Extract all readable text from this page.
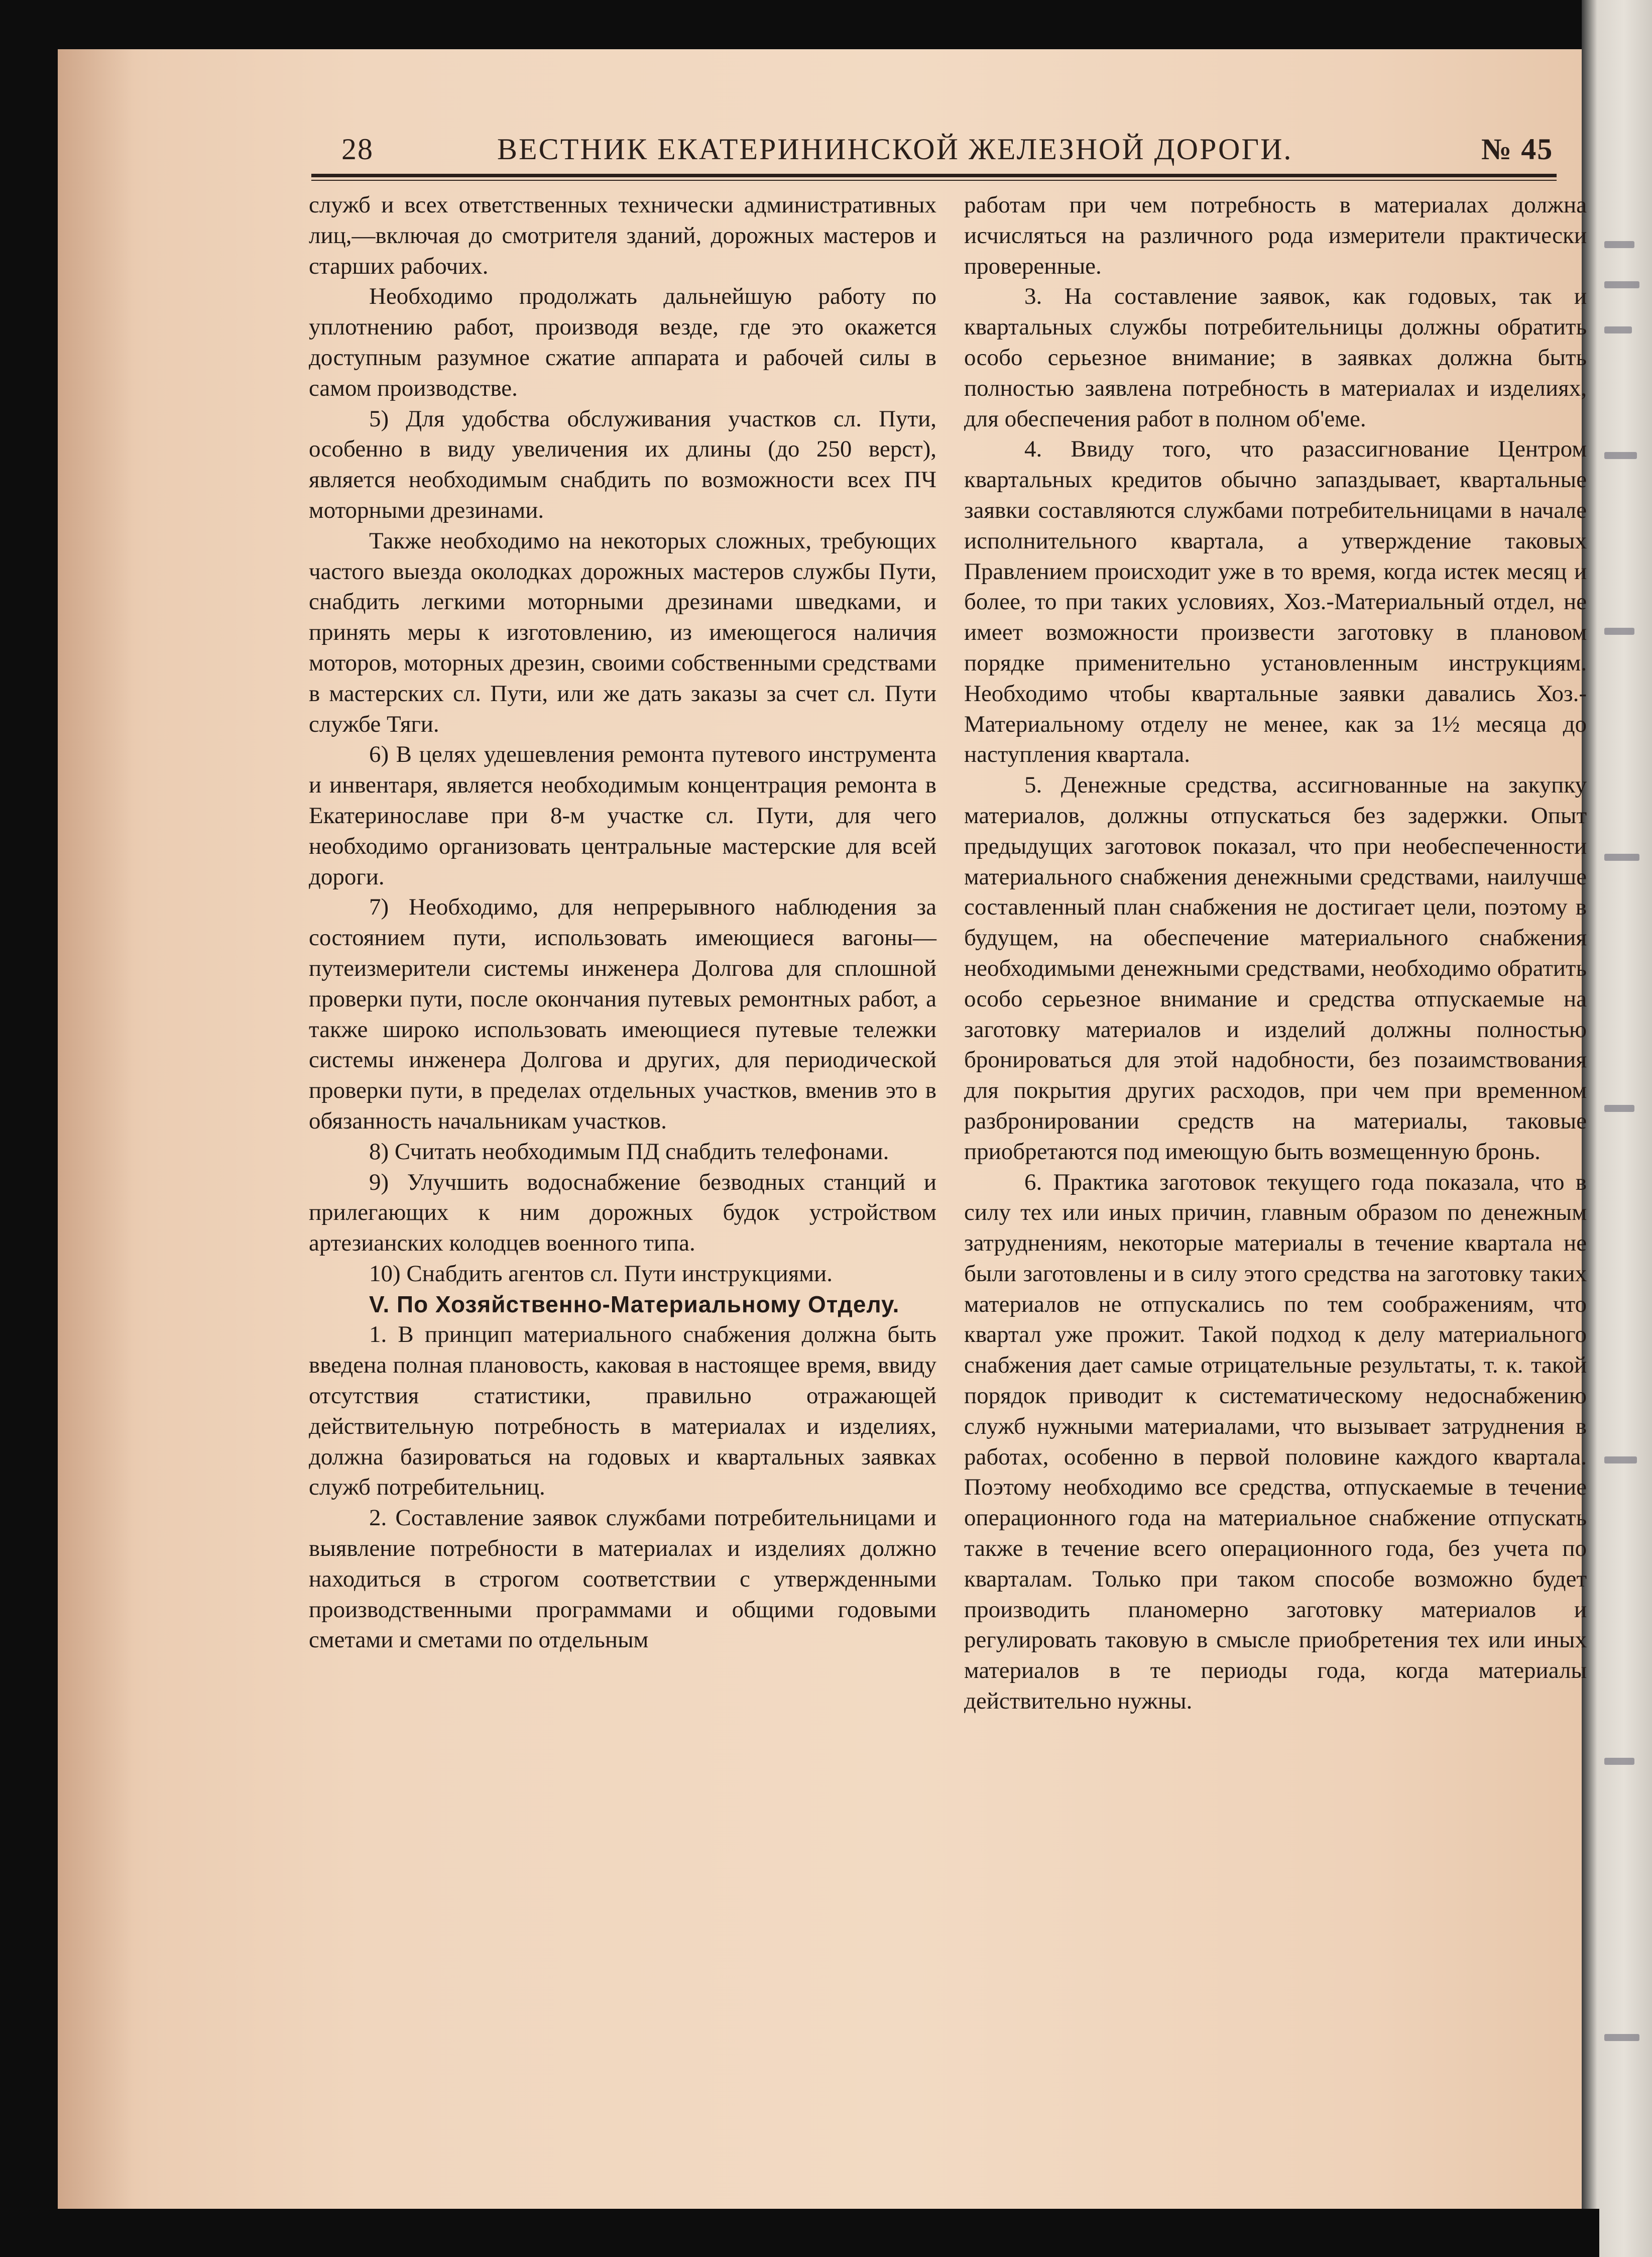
28	ВЕСТНИК ЕКАТЕРИНИНСКОЙ ЖЕЛЕЗНОЙ ДОРОГИ.	№ 45

служб и всех ответственных технически административных лиц,—включая до смотрителя зданий, дорожных мастеров и старших рабочих.

Необходимо продолжать дальнейшую работу по уплотнению работ, производя везде, где это окажется доступным разумное сжатие аппарата и рабочей силы в самом производстве.

5) Для удобства обслуживания участков сл. Пути, особенно в виду увеличения их длины (до 250 верст), является необходимым снабдить по возможности всех ПЧ моторными дрезинами.

Также необходимо на некоторых сложных, требующих частого выезда околодках дорожных мастеров службы Пути, снабдить легкими моторными дрезинами шведками, и принять меры к изготовлению, из имеющегося наличия моторов, моторных дрезин, своими собственными средствами в мастерских сл. Пути, или же дать заказы за счет сл. Пути службе Тяги.

6) В целях удешевления ремонта путевого инструмента и инвентаря, является необходимым концентрация ремонта в Екатеринославе при 8-м участке сл. Пути, для чего необходимо организовать центральные мастерские для всей дороги.

7) Необходимо, для непрерывного наблюдения за состоянием пути, использовать имеющиеся вагоны—путеизмерители системы инженера Долгова для сплошной проверки пути, после окончания путевых ремонтных работ, а также широко использовать имеющиеся путевые тележки системы инженера Долгова и других, для периодической проверки пути, в пределах отдельных участков, вменив это в обязанность начальникам участков.

8) Считать необходимым ПД снабдить телефонами.

9) Улучшить водоснабжение безводных станций и прилегающих к ним дорожных будок устройством артезианских колодцев военного типа.

10) Снабдить агентов сл. Пути инструкциями.

V. По Хозяйственно-Материальному Отделу.

1. В принцип материального снабжения должна быть введена полная плановость, каковая в настоящее время, ввиду отсутствия статистики, правильно отражающей действительную потребность в материалах и изделиях, должна базироваться на годовых и квартальных заявках служб потребительниц.

2. Составление заявок службами потребительницами и выявление потребности в материалах и изделиях должно находиться в строгом соответствии с утвержденными производственными программами и общими годовыми сметами и сметами по отдельным

работам при чем потребность в материалах должна исчисляться на различного рода измерители практически проверенные.

3. На составление заявок, как годовых, так и квартальных службы потребительницы должны обратить особо серьезное внимание; в заявках должна быть полностью заявлена потребность в материалах и изделиях, для обеспечения работ в полном об'еме.

4. Ввиду того, что разассигнование Центром квартальных кредитов обычно запаздывает, квартальные заявки составляются службами потребительницами в начале исполнительного квартала, а утверждение таковых Правлением происходит уже в то время, когда истек месяц и более, то при таких условиях, Хоз.-Материальный отдел, не имеет возможности произвести заготовку в плановом порядке применительно установленным инструкциям. Необходимо чтобы квартальные заявки давались Хоз.-Материальному отделу не менее, как за 1½ месяца до наступления квартала.

5. Денежные средства, ассигнованные на закупку материалов, должны отпускаться без задержки. Опыт предыдущих заготовок показал, что при необеспеченности материального снабжения денежными средствами, наилучше составленный план снабжения не достигает цели, поэтому в будущем, на обеспечение материального снабжения необходимыми денежными средствами, необходимо обратить особо серьезное внимание и средства отпускаемые на заготовку материалов и изделий должны полностью бронироваться для этой надобности, без позаимствования для покрытия других расходов, при чем при временном разбронировании средств на материалы, таковые приобретаются под имеющую быть возмещенную бронь.

6. Практика заготовок текущего года показала, что в силу тех или иных причин, главным образом по денежным затруднениям, некоторые материалы в течение квартала не были заготовлены и в силу этого средства на заготовку таких материалов не отпускались по тем соображениям, что квартал уже прожит. Такой подход к делу материального снабжения дает самые отрицательные результаты, т. к. такой порядок приводит к систематическому недоснабжению служб нужными материалами, что вызывает затруднения в работах, особенно в первой половине каждого квартала. Поэтому необходимо все средства, отпускаемые в течение операционного года на материальное снабжение отпускать также в течение всего операционного года, без учета по кварталам. Только при таком способе возможно будет производить планомерно заготовку материалов и регулировать таковую в смысле приобретения тех или иных материалов в те периоды года, когда материалы действительно нужны.
